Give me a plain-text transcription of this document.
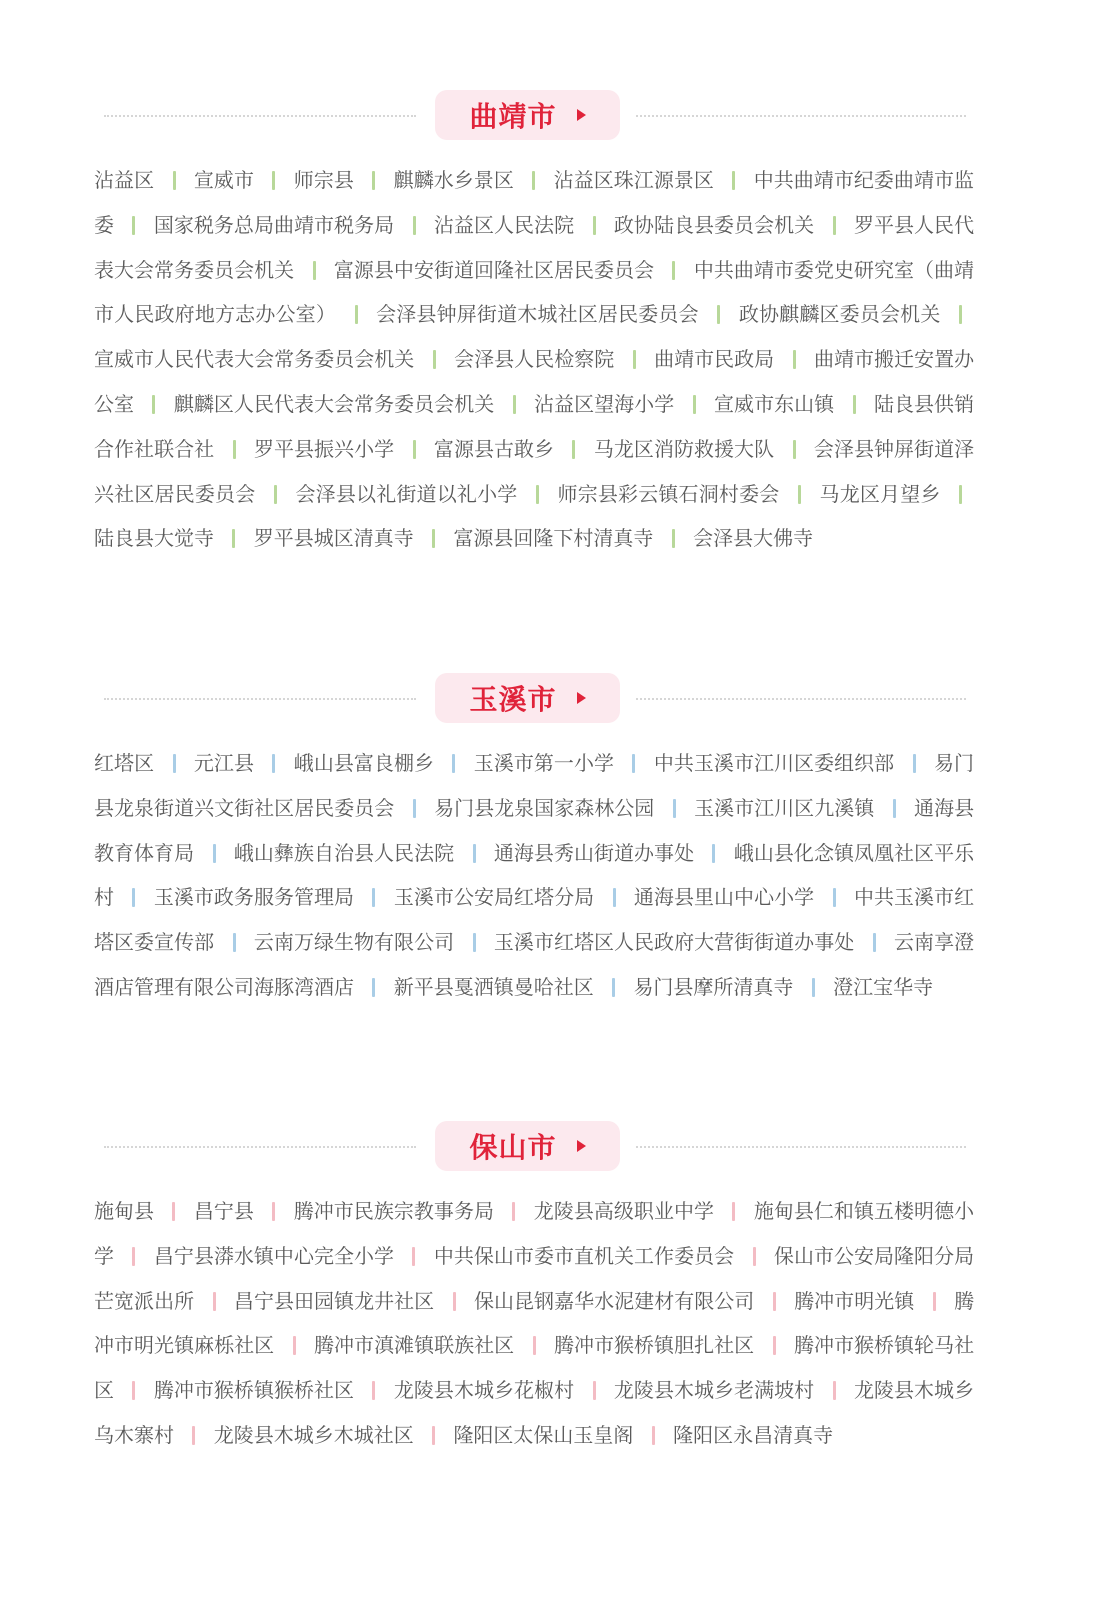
曲靖市
沾益区 宣威市 师宗县 麒麟水乡景区 沾益区珠江源景区 中共曲靖市纪委曲靖市监委 国家税务总局曲靖市税务局 沾益区人民法院 政协陆良县委员会机关 罗平县人民代表大会常务委员会机关 富源县中安街道回隆社区居民委员会 中共曲靖市委党史研究室（曲靖市人民政府地方志办公室） 会泽县钟屏街道木城社区居民委员会 政协麒麟区委员会机关  宣威市人民代表大会常务委员会机关 会泽县人民检察院 曲靖市民政局 曲靖市搬迁安置办公室 麒麟区人民代表大会常务委员会机关 沾益区望海小学 宣威市东山镇 陆良县供销合作社联合社 罗平县振兴小学 富源县古敢乡 马龙区消防救援大队 会泽县钟屏街道泽兴社区居民委员会 会泽县以礼街道以礼小学 师宗县彩云镇石洞村委会 马龙区月望乡  陆良县大觉寺 罗平县城区清真寺 富源县回隆下村清真寺 会泽县大佛寺
玉溪市
红塔区 元江县 峨山县富良棚乡 玉溪市第一小学 中共玉溪市江川区委组织部 易门县龙泉街道兴文街社区居民委员会 易门县龙泉国家森林公园 玉溪市江川区九溪镇 通海县教育体育局 峨山彝族自治县人民法院 通海县秀山街道办事处 峨山县化念镇凤凰社区平乐村 玉溪市政务服务管理局 玉溪市公安局红塔分局 通海县里山中心小学 中共玉溪市红塔区委宣传部 云南万绿生物有限公司 玉溪市红塔区人民政府大营街街道办事处 云南享澄酒店管理有限公司海豚湾酒店 新平县戛洒镇曼哈社区 易门县摩所清真寺 澄江宝华寺
保山市
施甸县 昌宁县 腾冲市民族宗教事务局 龙陵县高级职业中学 施甸县仁和镇五楼明德小学 昌宁县漭水镇中心完全小学 中共保山市委市直机关工作委员会 保山市公安局隆阳分局芒宽派出所 昌宁县田园镇龙井社区 保山昆钢嘉华水泥建材有限公司 腾冲市明光镇 腾冲市明光镇麻栎社区 腾冲市滇滩镇联族社区 腾冲市猴桥镇胆扎社区 腾冲市猴桥镇轮马社区 腾冲市猴桥镇猴桥社区 龙陵县木城乡花椒村 龙陵县木城乡老满坡村 龙陵县木城乡乌木寨村 龙陵县木城乡木城社区 隆阳区太保山玉皇阁 隆阳区永昌清真寺
